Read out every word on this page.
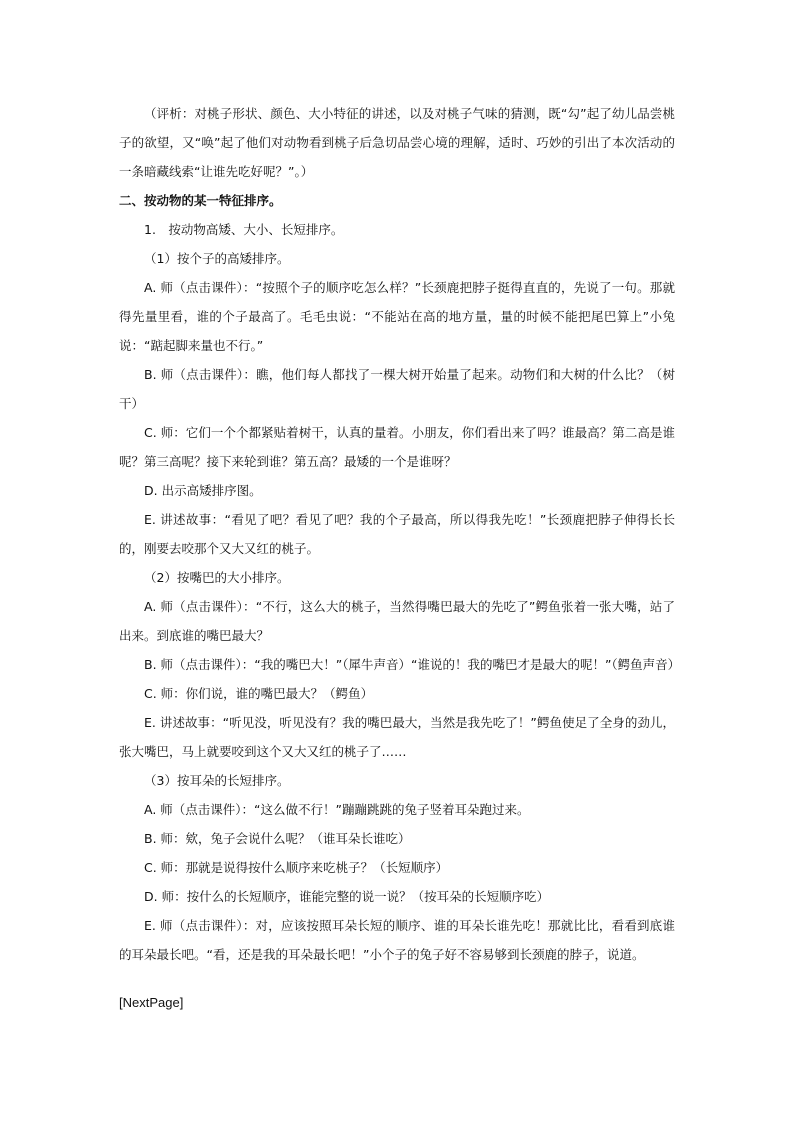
（评析：对桃子形状、颜色、大小特征的讲述，以及对桃子气味的猜测，既“勾”起了幼儿品尝桃子的欲望，又“唤”起了他们对动物看到桃子后急切品尝心境的理解，适时、巧妙的引出了本次活动的一条暗藏线索“让谁先吃好呢？”。）

二、按动物的某一特征排序。

1.　按动物高矮、大小、长短排序。

（1）按个子的高矮排序。

A. 师（点击课件）：“按照个子的顺序吃怎么样？”长颈鹿把脖子挺得直直的，先说了一句。那就得先量里看，谁的个子最高了。毛毛虫说：“不能站在高的地方量，量的时候不能把尾巴算上”小兔说：“踮起脚来量也不行。”

B. 师（点击课件）：瞧，他们每人都找了一棵大树开始量了起来。动物们和大树的什么比？（树干）

C. 师：它们一个个都紧贴着树干，认真的量着。小朋友，你们看出来了吗？谁最高？第二高是谁呢？第三高呢？接下来轮到谁？第五高？最矮的一个是谁呀？

D. 出示高矮排序图。

E. 讲述故事：“看见了吧？看见了吧？我的个子最高，所以得我先吃！”长颈鹿把脖子伸得长长的，刚要去咬那个又大又红的桃子。

（2）按嘴巴的大小排序。

A. 师（点击课件）：“不行，这么大的桃子，当然得嘴巴最大的先吃了”鳄鱼张着一张大嘴，站了出来。到底谁的嘴巴最大？

B. 师（点击课件）：“我的嘴巴大！”（犀牛声音）“谁说的！我的嘴巴才是最大的呢！”（鳄鱼声音）

C. 师：你们说，谁的嘴巴最大？（鳄鱼）

E. 讲述故事：“听见没，听见没有？我的嘴巴最大，当然是我先吃了！”鳄鱼使足了全身的劲儿，张大嘴巴，马上就要咬到这个又大又红的桃子了……

（3）按耳朵的长短排序。

A. 师（点击课件）：“这么做不行！”蹦蹦跳跳的兔子竖着耳朵跑过来。

B. 师：欸，兔子会说什么呢？（谁耳朵长谁吃）

C. 师：那就是说得按什么顺序来吃桃子？（长短顺序）

D. 师：按什么的长短顺序，谁能完整的说一说？（按耳朵的长短顺序吃）

E. 师（点击课件）：对，应该按照耳朵长短的顺序、谁的耳朵长谁先吃！那就比比，看看到底谁的耳朵最长吧。“看，还是我的耳朵最长吧！”小个子的兔子好不容易够到长颈鹿的脖子，说道。

[NextPage]
